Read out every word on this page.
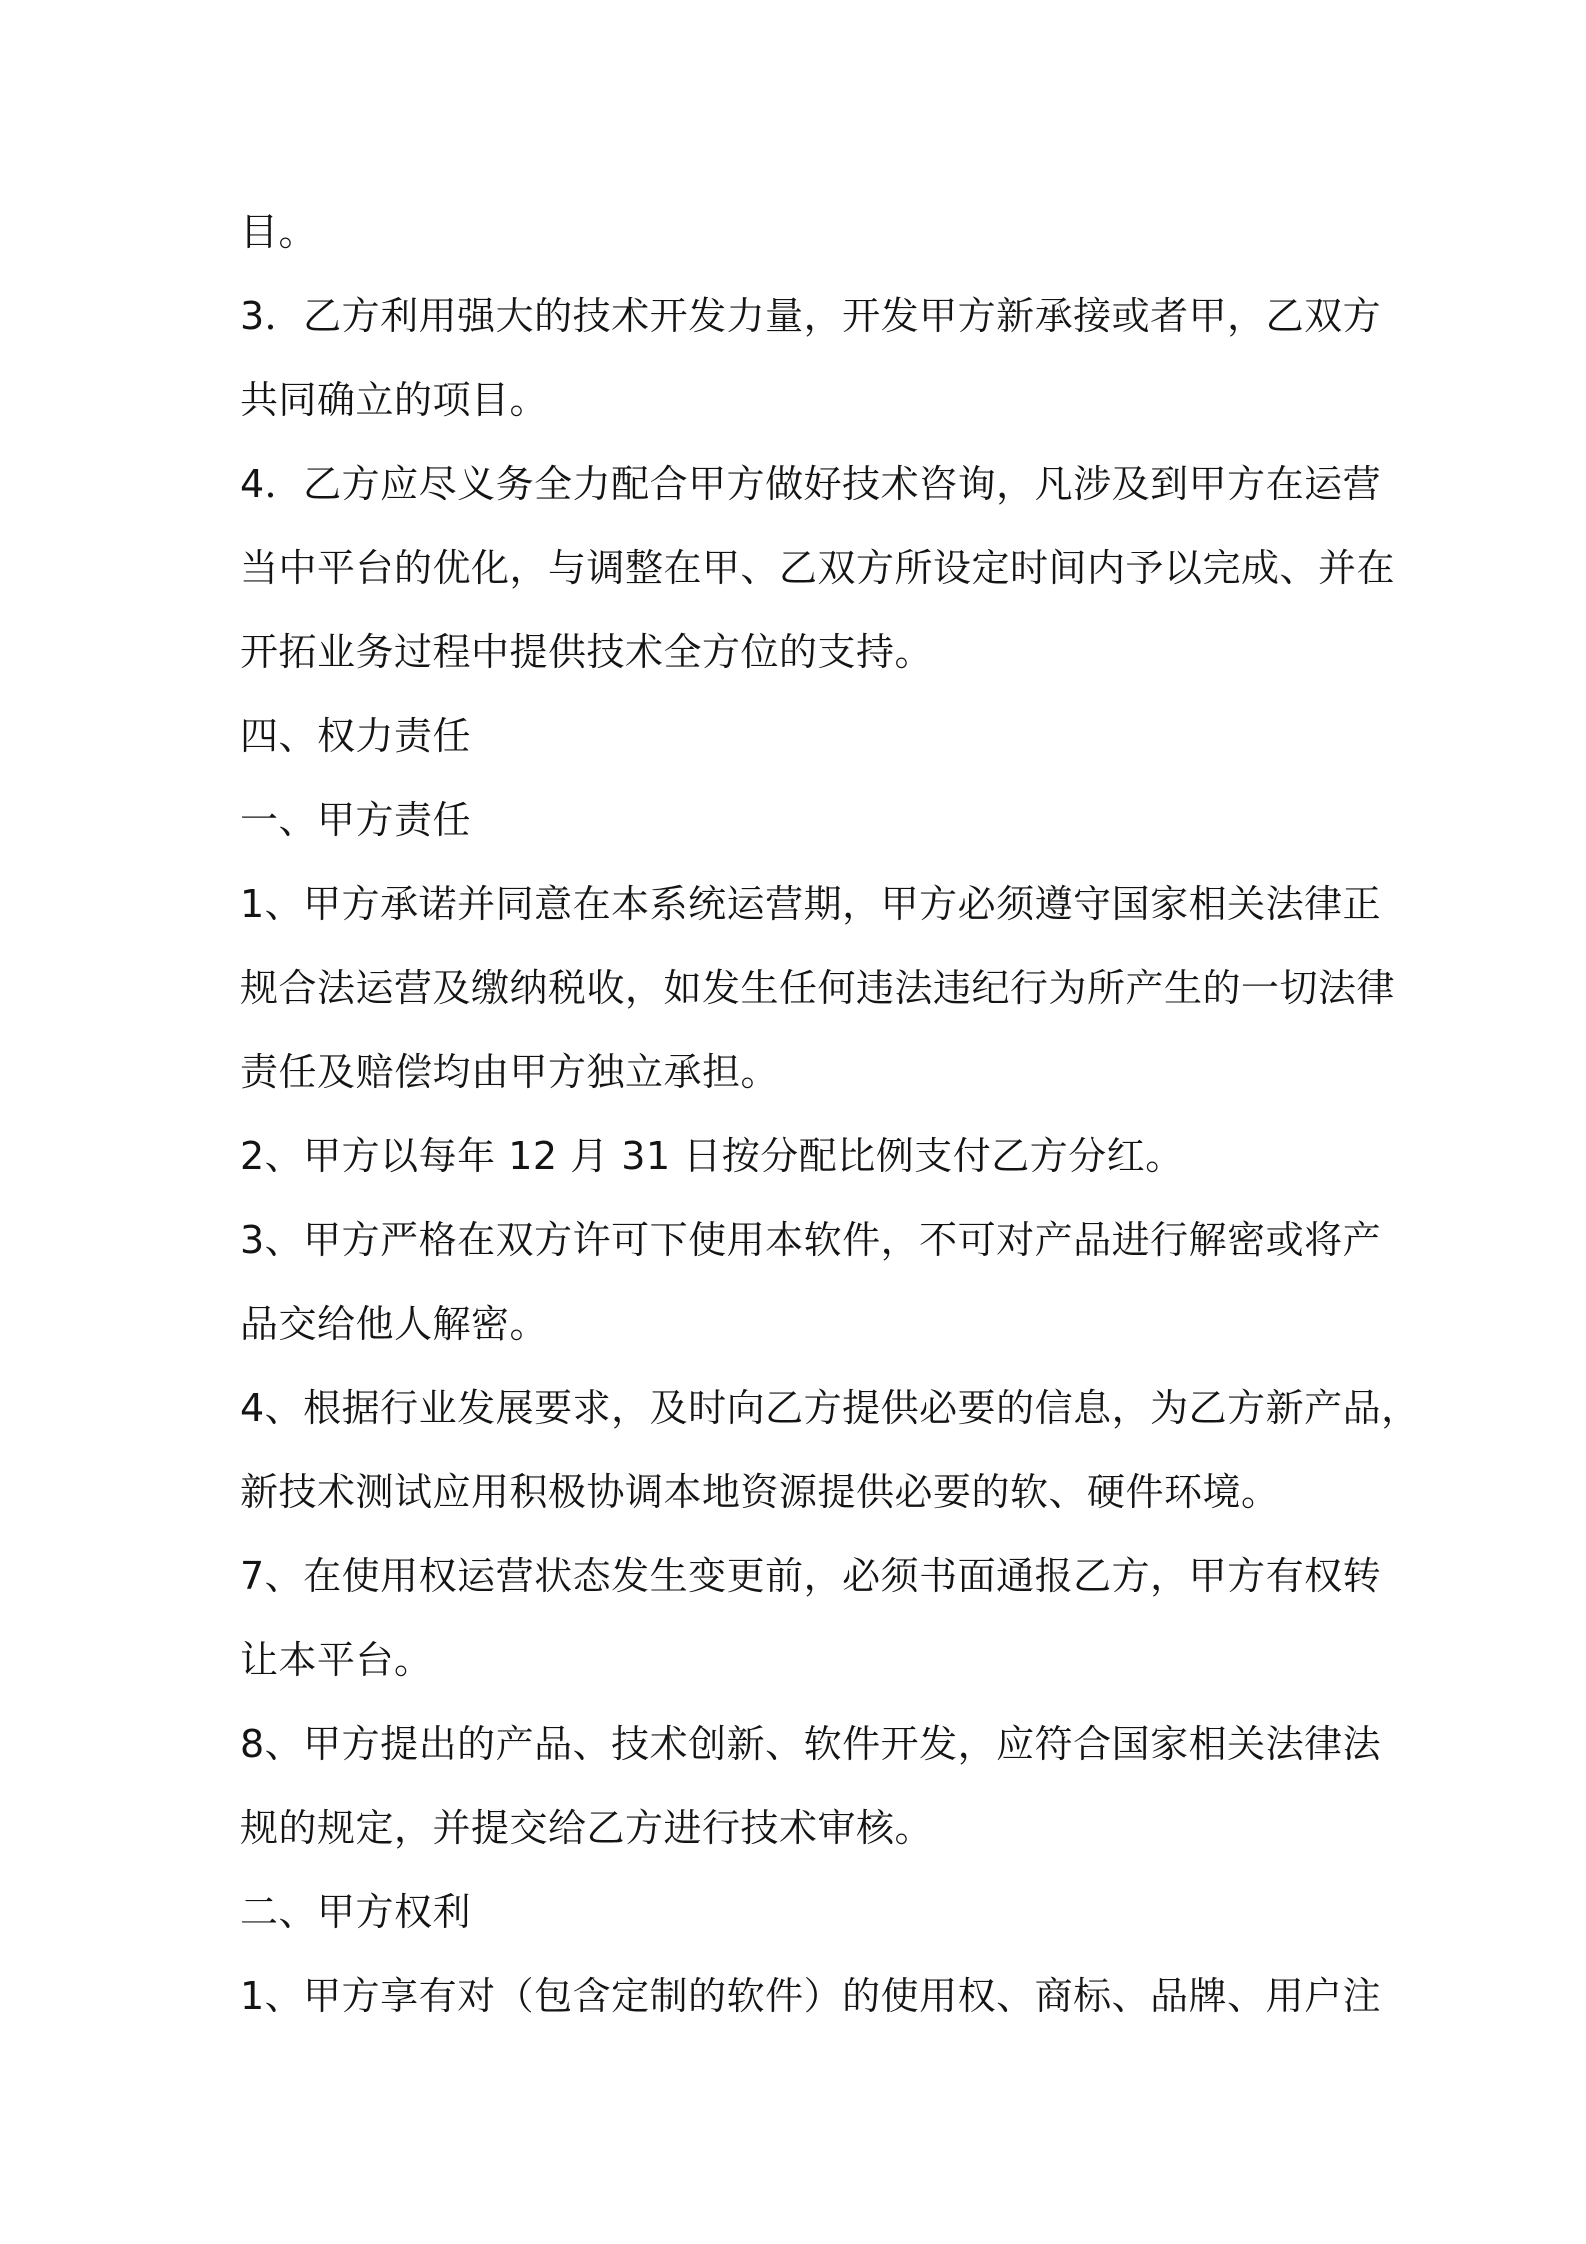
目。
3．乙方利用强大的技术开发力量，开发甲方新承接或者甲，乙双方
共同确立的项目。
4．乙方应尽义务全力配合甲方做好技术咨询，凡涉及到甲方在运营
当中平台的优化，与调整在甲、乙双方所设定时间内予以完成、并在
开拓业务过程中提供技术全方位的支持。
四、权力责任
一、甲方责任
1、甲方承诺并同意在本系统运营期，甲方必须遵守国家相关法律正
规合法运营及缴纳税收，如发生任何违法违纪行为所产生的一切法律
责任及赔偿均由甲方独立承担。
2、甲方以每年 12 月 31 日按分配比例支付乙方分红。
3、甲方严格在双方许可下使用本软件，不可对产品进行解密或将产
品交给他人解密。
4、根据行业发展要求，及时向乙方提供必要的信息，为乙方新产品，
新技术测试应用积极协调本地资源提供必要的软、硬件环境。
7、在使用权运营状态发生变更前，必须书面通报乙方，甲方有权转
让本平台。
8、甲方提出的产品、技术创新、软件开发，应符合国家相关法律法
规的规定，并提交给乙方进行技术审核。
二、甲方权利
1、甲方享有对（包含定制的软件）的使用权、商标、品牌、用户注
